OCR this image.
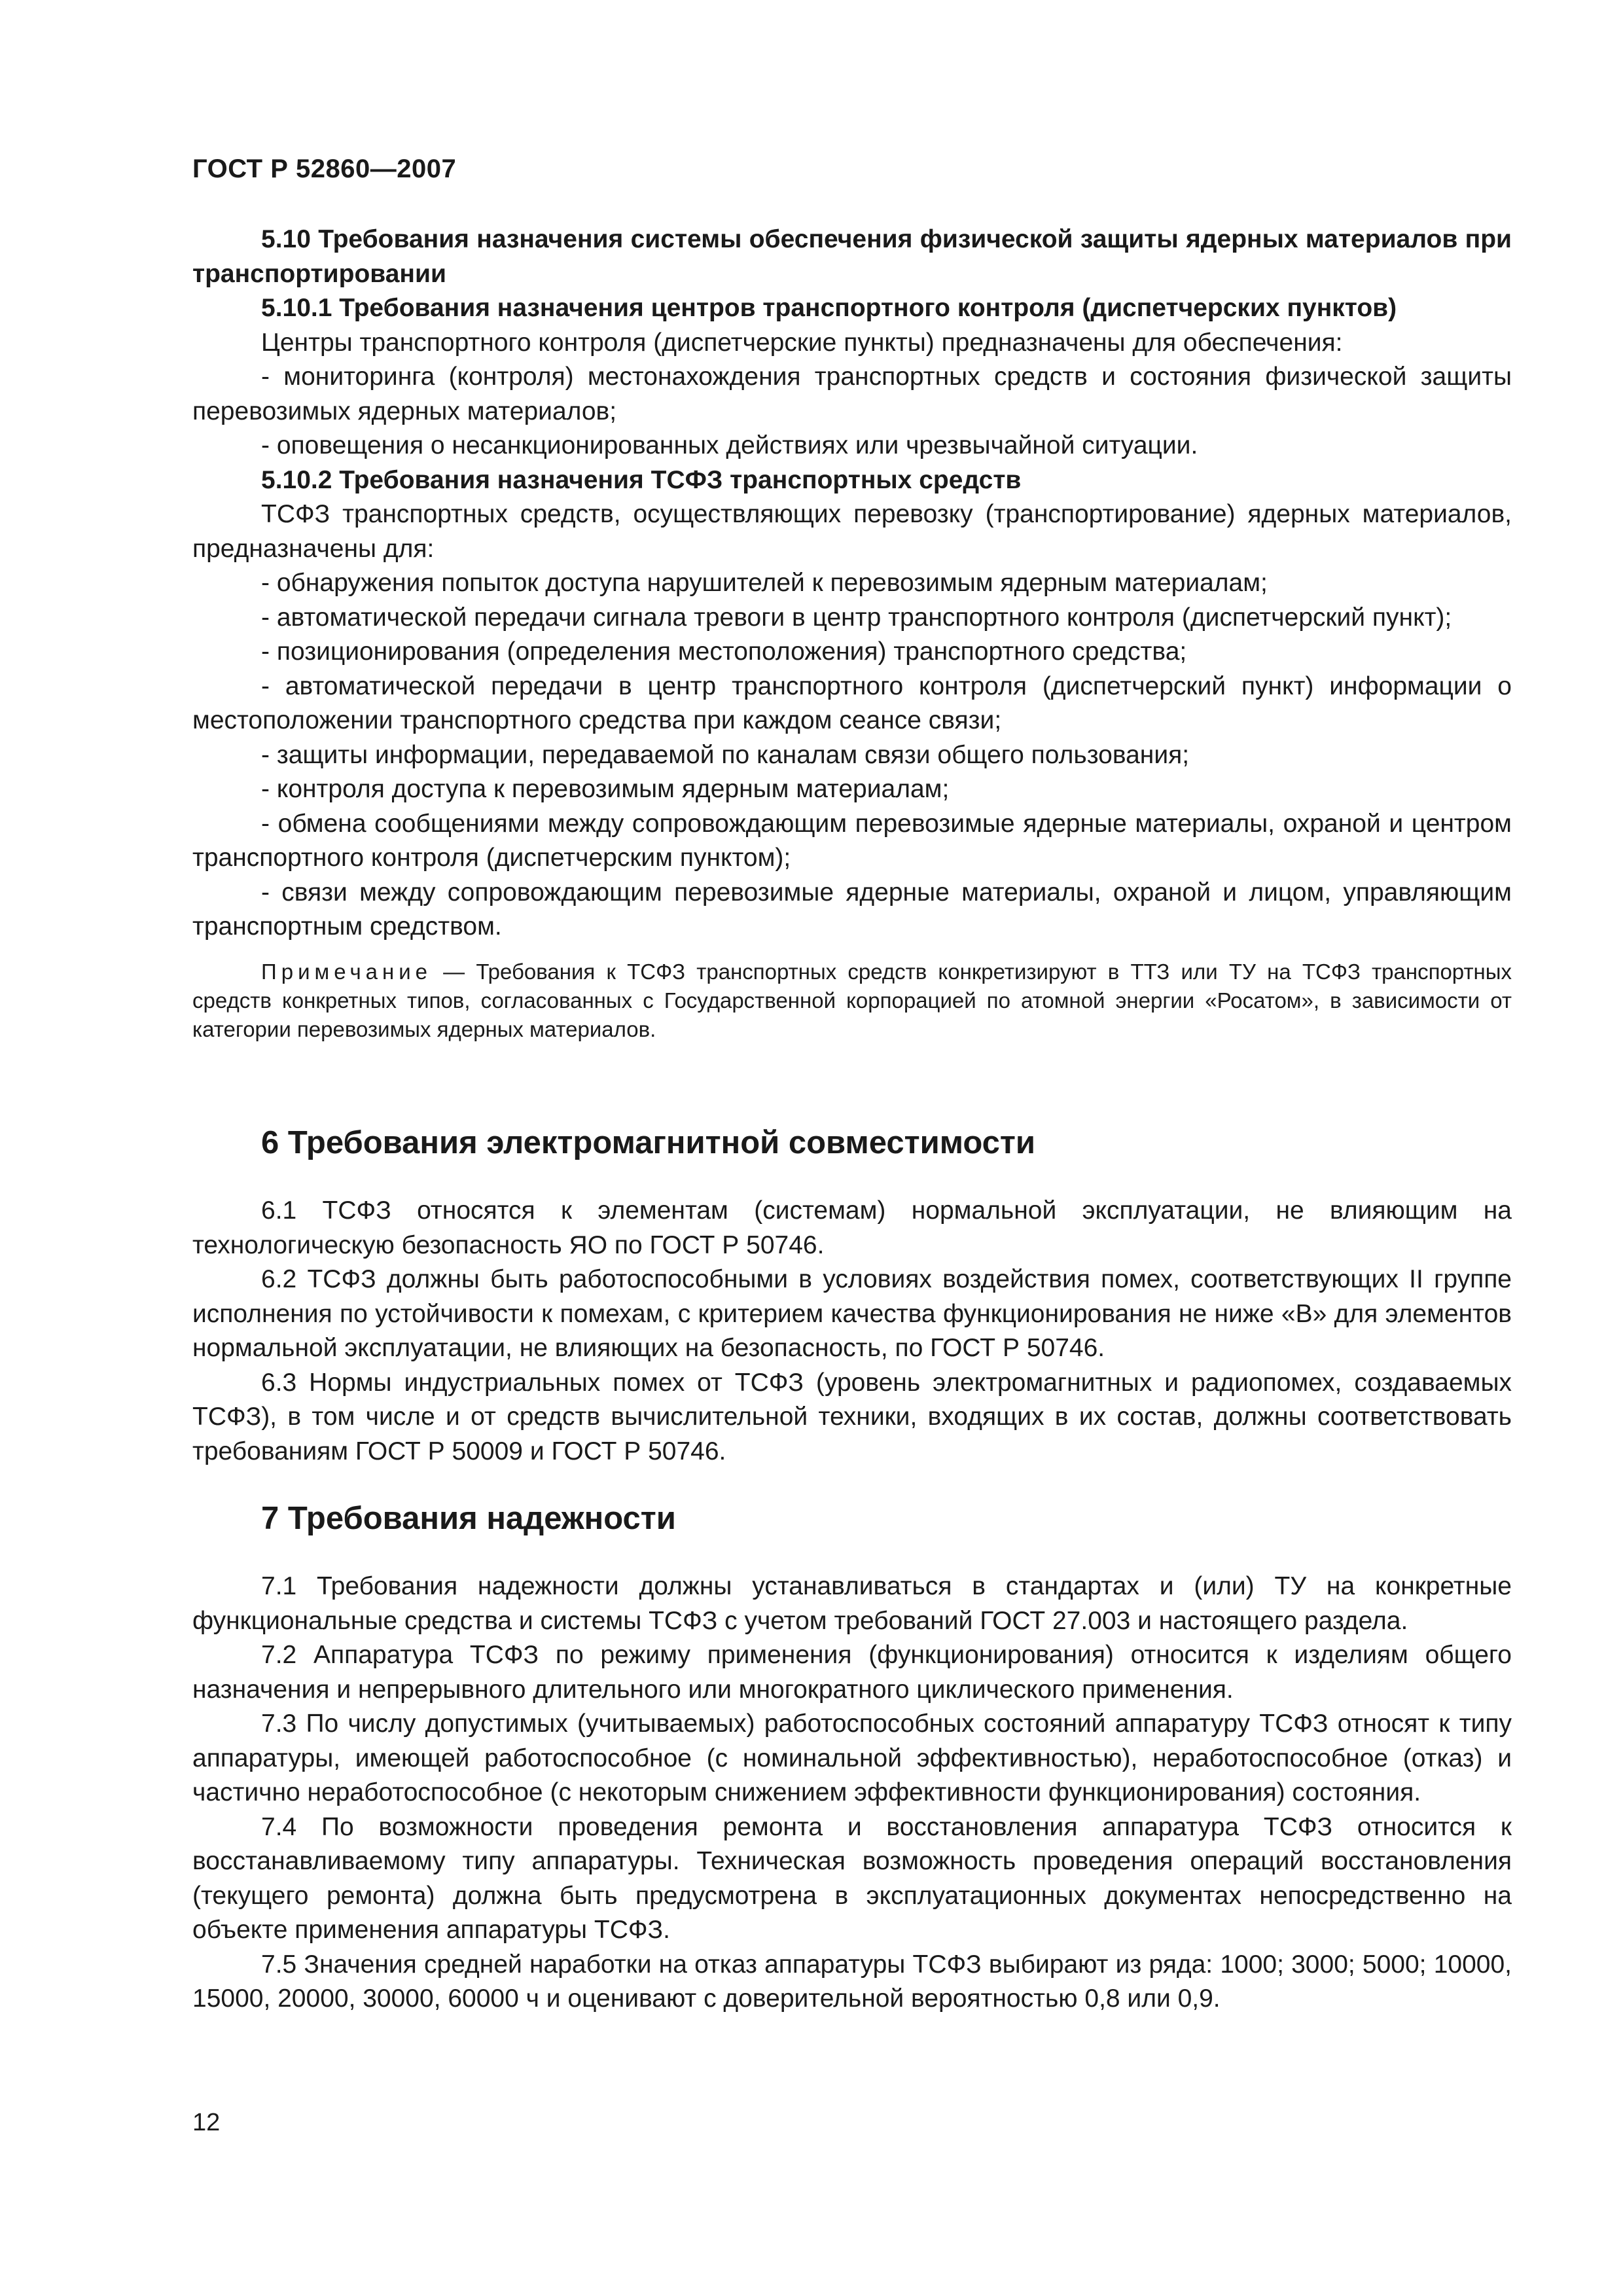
ГОСТ Р 52860—2007

5.10 Требования назначения системы обеспечения физической защиты ядерных материалов при транспортировании

5.10.1 Требования назначения центров транспортного контроля (диспетчерских пунктов)

Центры транспортного контроля (диспетчерские пункты) предназначены для обеспечения:

- мониторинга (контроля) местонахождения транспортных средств и состояния физической защиты перевозимых ядерных материалов;

- оповещения о несанкционированных действиях или чрезвычайной ситуации.

5.10.2 Требования назначения ТСФЗ транспортных средств

ТСФЗ транспортных средств, осуществляющих перевозку (транспортирование) ядерных материалов, предназначены для:

- обнаружения попыток доступа нарушителей к перевозимым ядерным материалам;

- автоматической передачи сигнала тревоги в центр транспортного контроля (диспетчерский пункт);

- позиционирования (определения местоположения) транспортного средства;

- автоматической передачи в центр транспортного контроля (диспетчерский пункт) информации о местоположении транспортного средства при каждом сеансе связи;

- защиты информации, передаваемой по каналам связи общего пользования;

- контроля доступа к перевозимым ядерным материалам;

- обмена сообщениями между сопровождающим перевозимые ядерные материалы, охраной и центром транспортного контроля (диспетчерским пунктом);

- связи между сопровождающим перевозимые ядерные материалы, охраной и лицом, управляющим транспортным средством.

Примечание — Требования к ТСФЗ транспортных средств конкретизируют в ТТЗ или ТУ на ТСФЗ транспортных средств конкретных типов, согласованных с Государственной корпорацией по атомной энергии «Росатом», в зависимости от категории перевозимых ядерных материалов.

6 Требования электромагнитной совместимости

6.1 ТСФЗ относятся к элементам (системам) нормальной эксплуатации, не влияющим на технологическую безопасность ЯО по ГОСТ Р 50746.

6.2 ТСФЗ должны быть работоспособными в условиях воздействия помех, соответствующих II группе исполнения по устойчивости к помехам, с критерием качества функционирования не ниже «В» для элементов нормальной эксплуатации, не влияющих на безопасность, по ГОСТ Р 50746.

6.3 Нормы индустриальных помех от ТСФЗ (уровень электромагнитных и радиопомех, создаваемых ТСФЗ), в том числе и от средств вычислительной техники, входящих в их состав, должны соответствовать требованиям ГОСТ Р 50009 и ГОСТ Р 50746.

7 Требования надежности

7.1 Требования надежности должны устанавливаться в стандартах и (или) ТУ на конкретные функциональные средства и системы ТСФЗ с учетом требований ГОСТ 27.003 и настоящего раздела.

7.2 Аппаратура ТСФЗ по режиму применения (функционирования) относится к изделиям общего назначения и непрерывного длительного или многократного циклического применения.

7.3 По числу допустимых (учитываемых) работоспособных состояний аппаратуру ТСФЗ относят к типу аппаратуры, имеющей работоспособное (с номинальной эффективностью), неработоспособное (отказ) и частично неработоспособное (с некоторым снижением эффективности функционирования) состояния.

7.4 По возможности проведения ремонта и восстановления аппаратура ТСФЗ относится к восстанавливаемому типу аппаратуры. Техническая возможность проведения операций восстановления (текущего ремонта) должна быть предусмотрена в эксплуатационных документах непосредственно на объекте применения аппаратуры ТСФЗ.

7.5 Значения средней наработки на отказ аппаратуры ТСФЗ выбирают из ряда: 1000; 3000; 5000; 10000, 15000, 20000, 30000, 60000 ч и оценивают с доверительной вероятностью 0,8 или 0,9.

12
